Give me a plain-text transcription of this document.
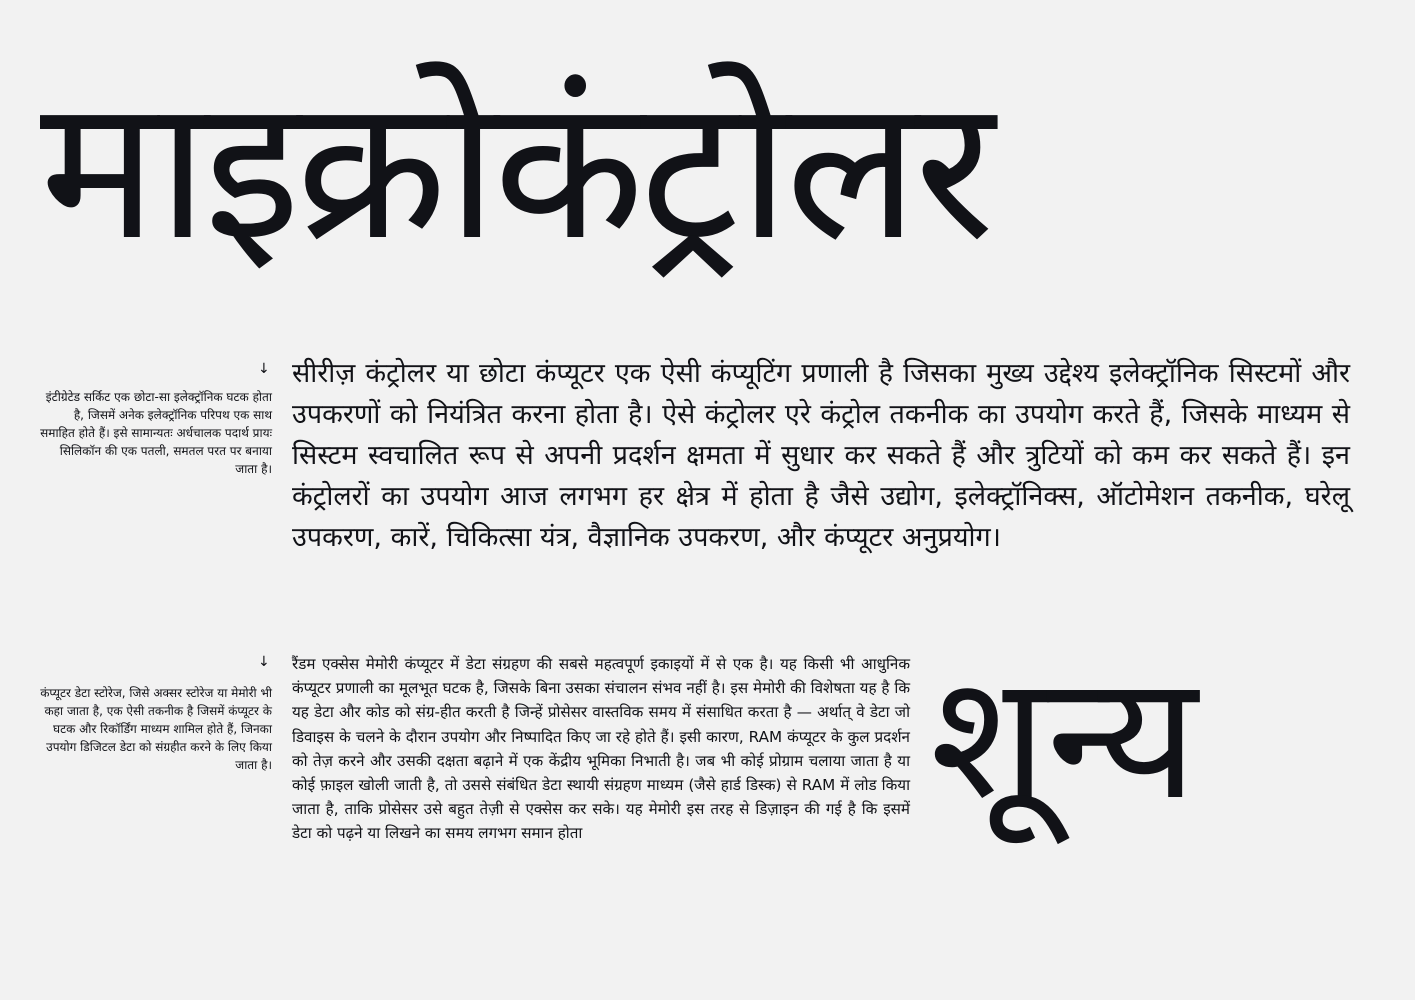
माइक्रोकंट्रोलर
↓
इंटीग्रेटेड सर्किट एक छोटा-सा इलेक्ट्रॉनिक घटक होता है, जिसमें अनेक इलेक्ट्रॉनिक परिपथ एक साथ समाहित होते हैं। इसे सामान्यतः अर्धचालक पदार्थ प्रायः सिलिकॉन की एक पतली, समतल परत पर बनाया जाता है।
सीरीज़ कंट्रोलर या छोटा कंप्यूटर एक ऐसी कंप्यूटिंग प्रणाली है जिसका मुख्य उद्देश्य इलेक्ट्रॉनिक सिस्टमों और उपकरणों को नियंत्रित करना होता है। ऐसे कंट्रोलर एरे कंट्रोल तकनीक का उपयोग करते हैं, जिसके माध्यम से सिस्टम स्वचालित रूप से अपनी प्रदर्शन क्षमता में सुधार कर सकते हैं और त्रुटियों को कम कर सकते हैं। इन कंट्रोलरों का उपयोग आज लगभग हर क्षेत्र में होता है जैसे उद्योग, इलेक्ट्रॉनिक्स, ऑटोमेशन तकनीक, घरेलू उपकरण, कारें, चिकित्सा यंत्र, वैज्ञानिक उपकरण, और कंप्यूटर अनुप्रयोग।
↓
कंप्यूटर डेटा स्टोरेज, जिसे अक्सर स्टोरेज या मेमोरी भी कहा जाता है, एक ऐसी तकनीक है जिसमें कंप्यूटर के घटक और रिकॉर्डिंग माध्यम शामिल होते हैं, जिनका उपयोग डिजिटल डेटा को संग्रहीत करने के लिए किया जाता है।
रैंडम एक्सेस मेमोरी कंप्यूटर में डेटा संग्रहण की सबसे महत्वपूर्ण इकाइयों में से एक है। यह किसी भी आधुनिक कंप्यूटर प्रणाली का मूलभूत घटक है, जिसके बिना उसका संचालन संभव नहीं है। इस मेमोरी की विशेषता यह है कि यह डेटा और कोड को संग्र-हीत करती है जिन्हें प्रोसेसर वास्तविक समय में संसाधित करता है — अर्थात् वे डेटा जो डिवाइस के चलने के दौरान उपयोग और निष्पादित किए जा रहे होते हैं। इसी कारण, RAM कंप्यूटर के कुल प्रदर्शन को तेज़ करने और उसकी दक्षता बढ़ाने में एक केंद्रीय भूमिका निभाती है। जब भी कोई प्रोग्राम चलाया जाता है या कोई फ़ाइल खोली जाती है, तो उससे संबंधित डेटा स्थायी संग्रहण माध्यम (जैसे हार्ड डिस्क) से RAM में लोड किया जाता है, ताकि प्रोसेसर उसे बहुत तेज़ी से एक्सेस कर सके। यह मेमोरी इस तरह से डिज़ाइन की गई है कि इसमें डेटा को पढ़ने या लिखने का समय लगभग समान होता	शून्य
